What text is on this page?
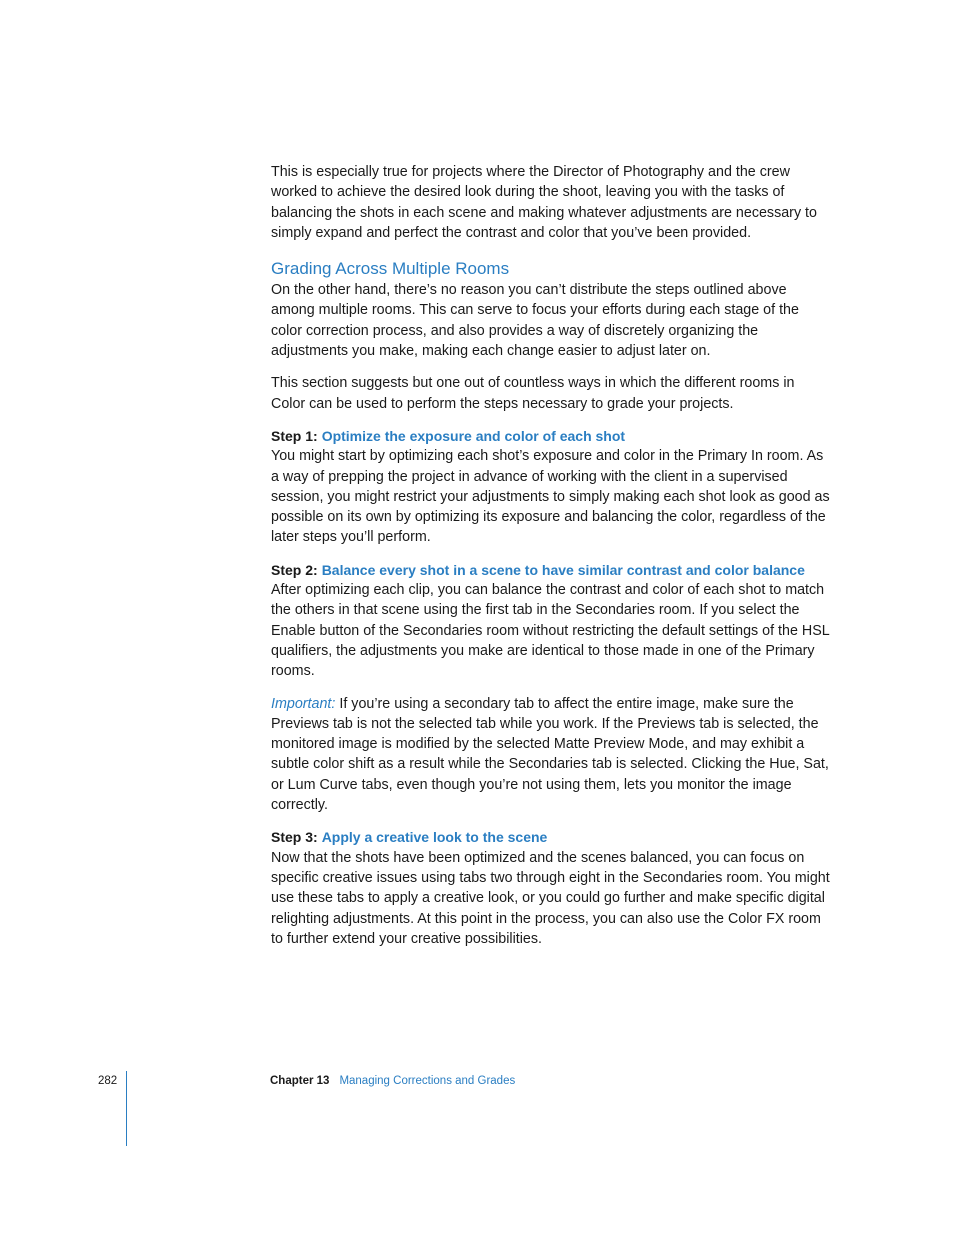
This is especially true for projects where the Director of Photography and the crew worked to achieve the desired look during the shoot, leaving you with the tasks of balancing the shots in each scene and making whatever adjustments are necessary to simply expand and perfect the contrast and color that you’ve been provided.

Grading Across Multiple Rooms

On the other hand, there’s no reason you can’t distribute the steps outlined above among multiple rooms. This can serve to focus your efforts during each stage of the color correction process, and also provides a way of discretely organizing the adjustments you make, making each change easier to adjust later on.

This section suggests but one out of countless ways in which the different rooms in Color can be used to perform the steps necessary to grade your projects.

Step 1: Optimize the exposure and color of each shot

You might start by optimizing each shot’s exposure and color in the Primary In room. As a way of prepping the project in advance of working with the client in a supervised session, you might restrict your adjustments to simply making each shot look as good as possible on its own by optimizing its exposure and balancing the color, regardless of the later steps you’ll perform.

Step 2: Balance every shot in a scene to have similar contrast and color balance

After optimizing each clip, you can balance the contrast and color of each shot to match the others in that scene using the first tab in the Secondaries room. If you select the Enable button of the Secondaries room without restricting the default settings of the HSL qualifiers, the adjustments you make are identical to those made in one of the Primary rooms.

Important: If you’re using a secondary tab to affect the entire image, make sure the Previews tab is not the selected tab while you work. If the Previews tab is selected, the monitored image is modified by the selected Matte Preview Mode, and may exhibit a subtle color shift as a result while the Secondaries tab is selected. Clicking the Hue, Sat, or Lum Curve tabs, even though you’re not using them, lets you monitor the image correctly.

Step 3: Apply a creative look to the scene

Now that the shots have been optimized and the scenes balanced, you can focus on specific creative issues using tabs two through eight in the Secondaries room. You might use these tabs to apply a creative look, or you could go further and make specific digital relighting adjustments. At this point in the process, you can also use the Color FX room to further extend your creative possibilities.

282	Chapter 13 Managing Corrections and Grades
